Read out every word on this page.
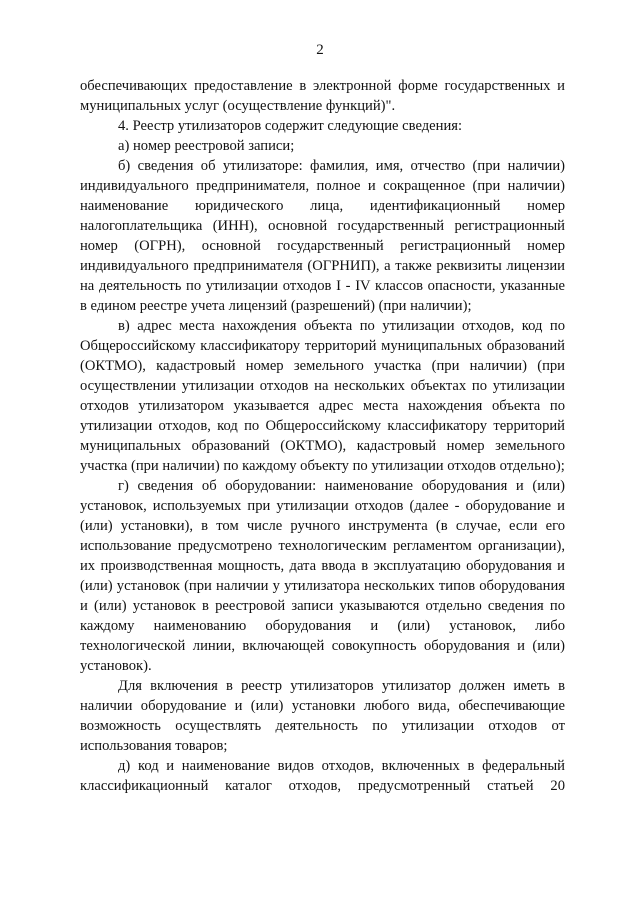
2

обеспечивающих предоставление в электронной форме государственных и муниципальных услуг (осуществление функций)".

4. Реестр утилизаторов содержит следующие сведения:

а) номер реестровой записи;

б) сведения об утилизаторе: фамилия, имя, отчество (при наличии) индивидуального предпринимателя, полное и сокращенное (при наличии) наименование юридического лица, идентификационный номер налогоплательщика (ИНН), основной государственный регистрационный номер (ОГРН), основной государственный регистрационный номер индивидуального предпринимателя (ОГРНИП), а также реквизиты лицензии на деятельность по утилизации отходов I - IV классов опасности, указанные в едином реестре учета лицензий (разрешений) (при наличии);

в) адрес места нахождения объекта по утилизации отходов, код по Общероссийскому классификатору территорий муниципальных образований (ОКТМО), кадастровый номер земельного участка (при наличии) (при осуществлении утилизации отходов на нескольких объектах по утилизации отходов утилизатором указывается адрес места нахождения объекта по утилизации отходов, код по Общероссийскому классификатору территорий муниципальных образований (ОКТМО), кадастровый номер земельного участка (при наличии) по каждому объекту по утилизации отходов отдельно);

г) сведения об оборудовании: наименование оборудования и (или) установок, используемых при утилизации отходов (далее - оборудование и (или) установки), в том числе ручного инструмента (в случае, если его использование предусмотрено технологическим регламентом организации), их производственная мощность, дата ввода в эксплуатацию оборудования и (или) установок (при наличии у утилизатора нескольких типов оборудования и (или) установок в реестровой записи указываются отдельно сведения по каждому наименованию оборудования и (или) установок, либо технологической линии, включающей совокупность оборудования и (или) установок).

Для включения в реестр утилизаторов утилизатор должен иметь в наличии оборудование и (или) установки любого вида, обеспечивающие возможность осуществлять деятельность по утилизации отходов от использования товаров;

д) код и наименование видов отходов, включенных в федеральный классификационный каталог отходов, предусмотренный статьей 20
